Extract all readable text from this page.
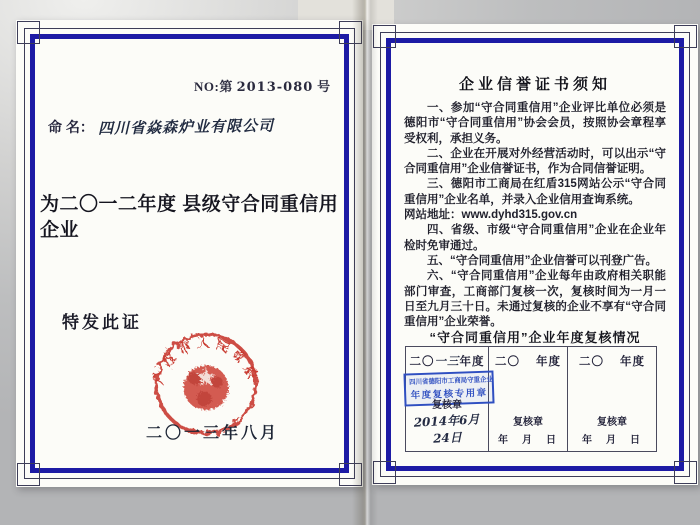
NO:第 2013-080 号
命 名： 四川省焱森炉业有限公司
为二〇一二年度 县级守合同重信用企业
特发此证
广汉市人民政府
二〇一三年八月
企业信誉证书须知

一、参加“守合同重信用”企业评比单位必须是德阳市“守合同重信用”协会会员，按照协会章程享受权利，承担义务。

二、企业在开展对外经营活动时，可以出示“守合同重信用”企业信誉证书，作为合同信誉证明。

三、德阳市工商局在红盾315网站公示“守合同重信用”企业名单，并录入企业信用查询系统。

网站地址：www.dyhd315.gov.cn

四、省级、市级“守合同重信用”企业在企业年检时免审通过。

五、“守合同重信用”企业信誉可以刊登广告。

六、“守合同重信用”企业每年由政府相关职能部门审查，工商部门复核一次，复核时间为一月一日至九月三十日。未通过复核的企业不享有“守合同重信用”企业荣誉。

“守合同重信用”企业年度复核情况
二〇一三年度
四川省德阳市工商局守重企业
年度复核专用章
复核章
2014年6月24日
二〇 年度
复核章
年　月　日
二〇 年度
复核章
年　月　日
